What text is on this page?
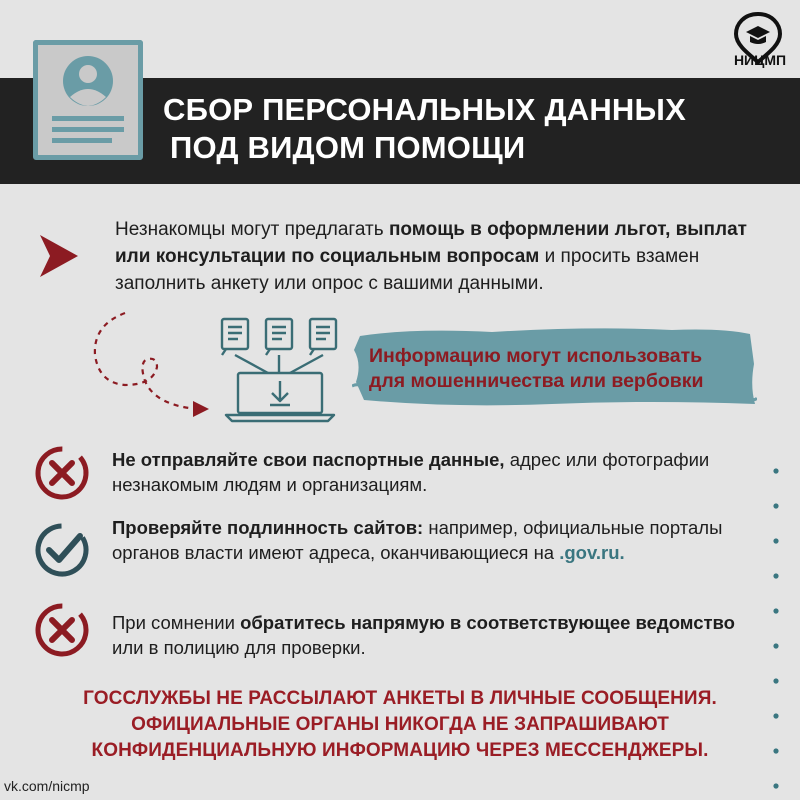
СБОР ПЕРСОНАЛЬНЫХ ДАННЫХ
ПОД ВИДОМ ПОМОЩИ
НИЦМП
Незнакомцы могут предлагать помощь в оформлении льгот, выплат или консультации по социальным вопросам и просить взамен заполнить анкету или опрос с вашими данными.
Информацию могут использовать
для мошенничества или вербовки
Не отправляйте свои паспортные данные, адрес или фотографии незнакомым людям и организациям.
Проверяйте подлинность сайтов: например, официальные порталы органов власти имеют адреса, оканчивающиеся на .gov.ru.
При сомнении обратитесь напрямую в соответствующее ведомство или в полицию для проверки.
ГОССЛУЖБЫ НЕ РАССЫЛАЮТ АНКЕТЫ В ЛИЧНЫЕ СООБЩЕНИЯ.
ОФИЦИАЛЬНЫЕ ОРГАНЫ НИКОГДА НЕ ЗАПРАШИВАЮТ
КОНФИДЕНЦИАЛЬНУЮ ИНФОРМАЦИЮ ЧЕРЕЗ МЕССЕНДЖЕРЫ.
vk.com/nicmp
